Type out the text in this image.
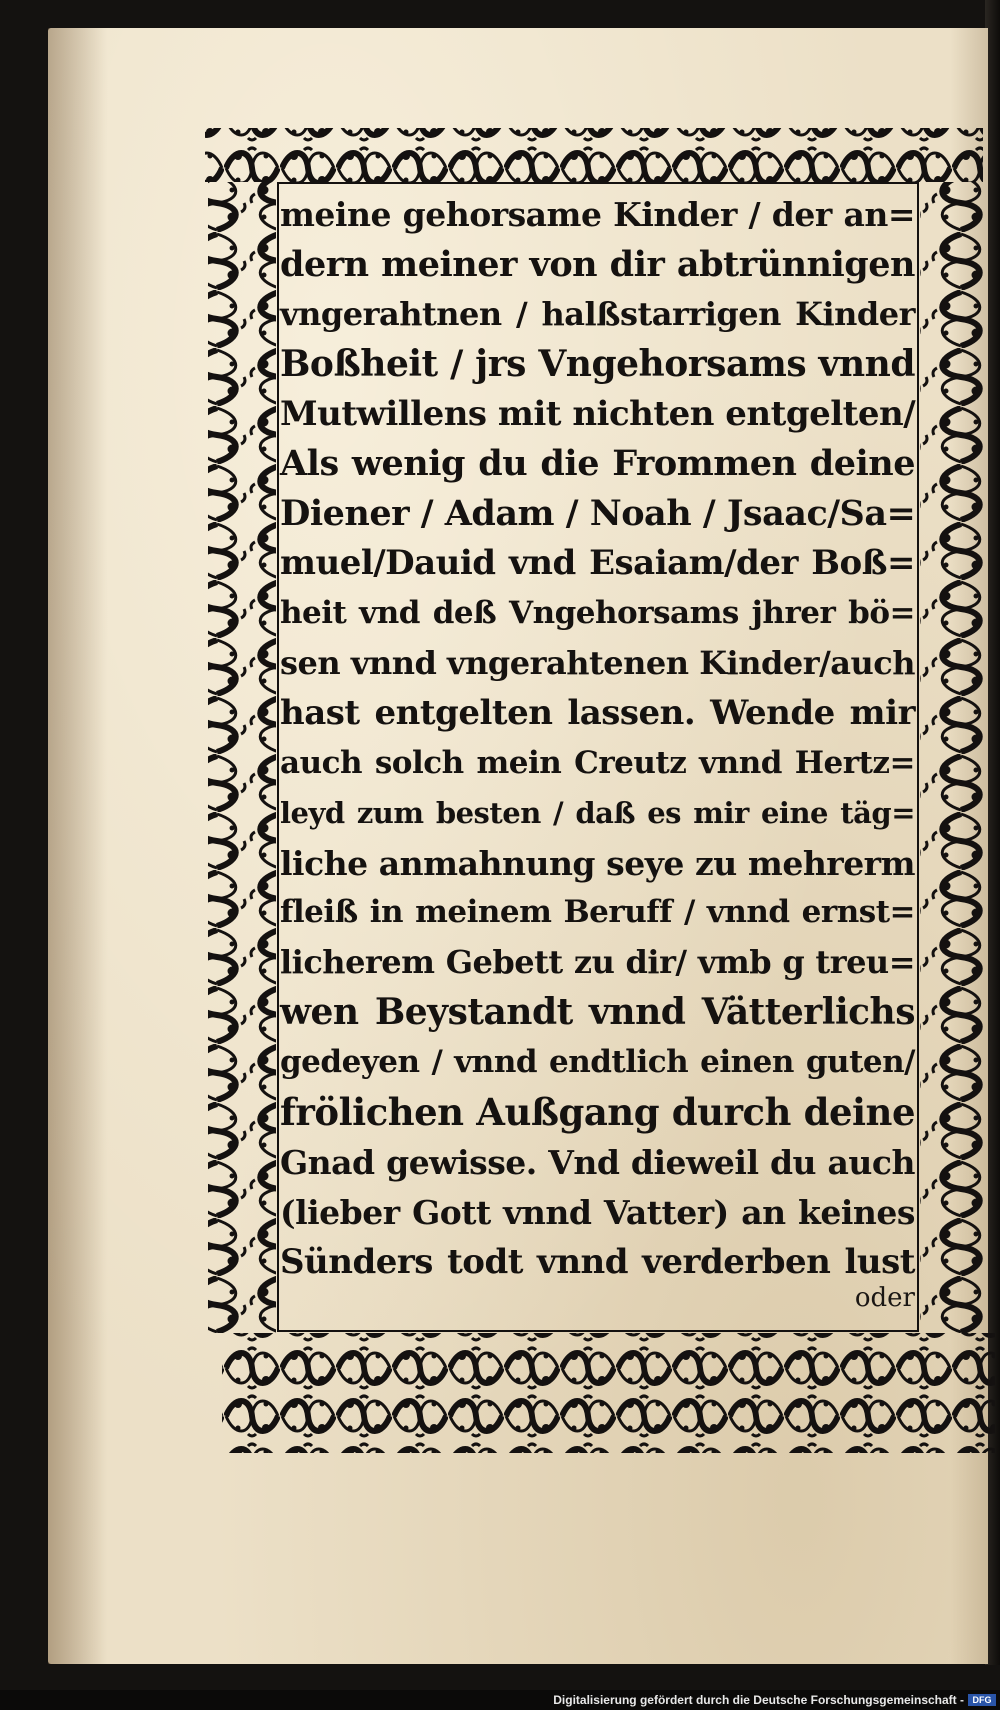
meine gehorsame Kinder / der an=
dern meiner von dir abtrünnigen
vngerahtnen / halßstarrigen Kinder
Boßheit / jrs Vngehorsams vnnd
Mutwillens mit nichten entgelten/
Als wenig du die Frommen deine
Diener / Adam / Noah / Jsaac/Sa=
muel/Dauid vnd Esaiam/der Boß=
heit vnd deß Vngehorsams jhrer bö=
sen vnnd vngerahtenen Kinder/auch
hast entgelten lassen. Wende mir
auch solch mein Creutz vnnd Hertz=
leyd zum besten / daß es mir eine täg=
liche anmahnung seye zu mehrerm
fleiß in meinem Beruff / vnnd ernst=
licherem Gebett zu dir/ vmb g treu=
wen Beystandt vnnd Vätterlichs
gedeyen / vnnd endtlich einen guten/
frölichen Außgang durch deine
Gnad gewisse. Vnd dieweil du auch
(lieber Gott vnnd Vatter) an keines
Sünders todt vnnd verderben lust
oder
Digitalisierung gefördert durch die Deutsche Forschungsgemeinschaft - DFG
